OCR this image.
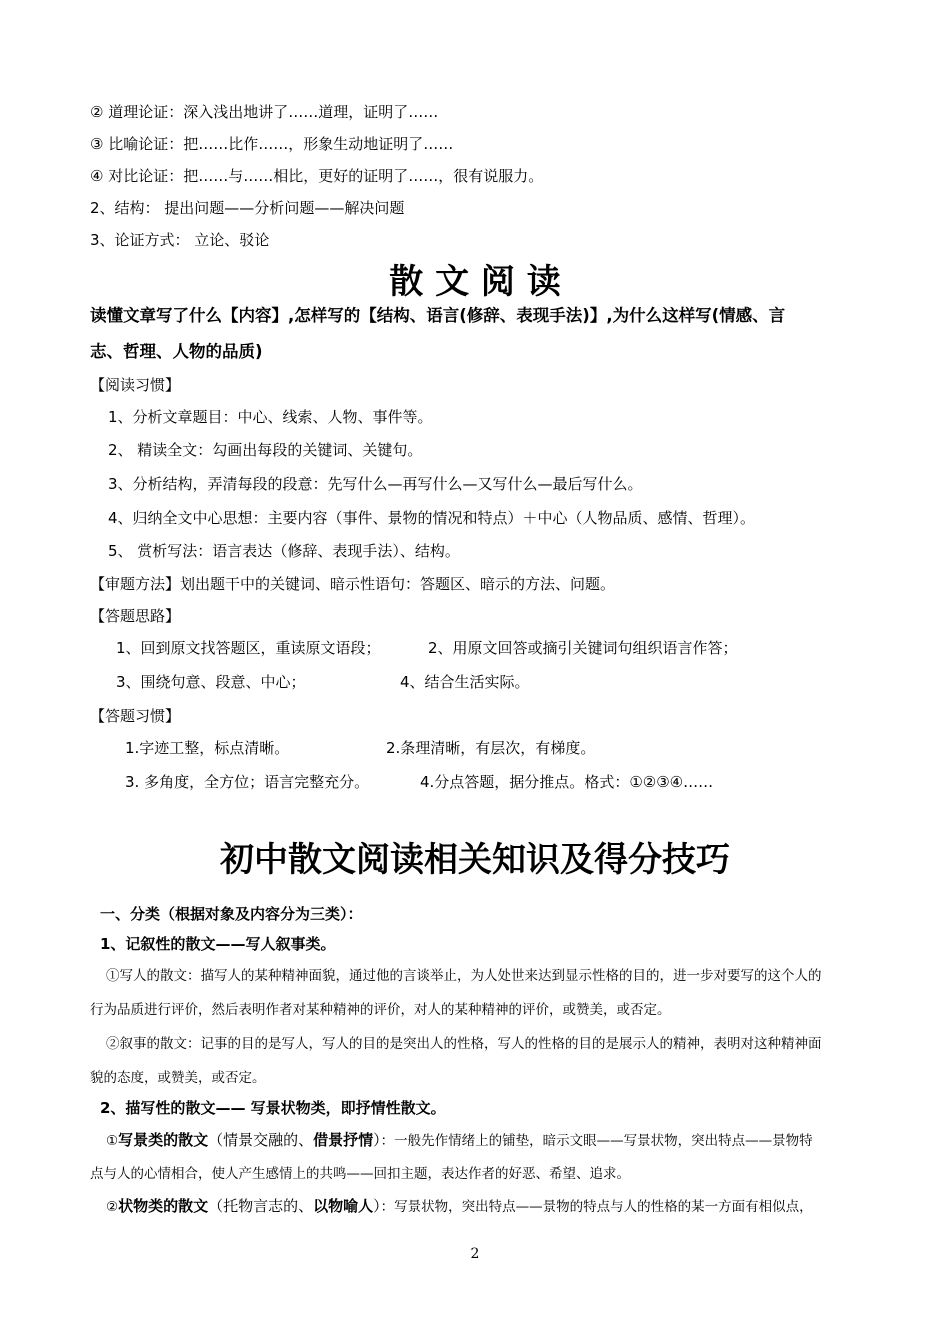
② 道理论证：深入浅出地讲了……道理，证明了……
③ 比喻论证：把……比作……，形象生动地证明了……
④ 对比论证：把……与……相比，更好的证明了……，很有说服力。
2、结构： 提出问题——分析问题——解决问题
3、论证方式： 立论、驳论
散 文 阅 读
读懂文章写了什么【内容】,怎样写的【结构、语言(修辞、表现手法)】,为什么这样写(情感、言
志、哲理、人物的品质)
【阅读习惯】
1、分析文章题目：中心、线索、人物、事件等。
2、 精读全文：勾画出每段的关键词、关键句。
3、分析结构，弄清每段的段意：先写什么—再写什么—又写什么—最后写什么。
4、归纳全文中心思想：主要内容（事件、景物的情况和特点）＋中心（人物品质、感情、哲理）。
5、 赏析写法：语言表达（修辞、表现手法）、结构。
【审题方法】划出题干中的关键词、暗示性语句：答题区、暗示的方法、问题。
【答题思路】
1、回到原文找答题区，重读原文语段；	2、用原文回答或摘引关键词句组织语言作答；
3、围绕句意、段意、中心；	4、结合生活实际。
【答题习惯】
1.字迹工整，标点清晰。	2.条理清晰，有层次，有梯度。
3. 多角度，全方位；语言完整充分。	4.分点答题，据分推点。格式：①②③④……
初中散文阅读相关知识及得分技巧
一、分类（根据对象及内容分为三类）：
1、记叙性的散文——写人叙事类。
①写人的散文：描写人的某种精神面貌，通过他的言谈举止，为人处世来达到显示性格的目的，进一步对要写的这个人的
行为品质进行评价，然后表明作者对某种精神的评价，对人的某种精神的评价，或赞美，或否定。
②叙事的散文：记事的目的是写人，写人的目的是突出人的性格，写人的性格的目的是展示人的精神，表明对这种精神面
貌的态度，或赞美，或否定。
2、描写性的散文—— 写景状物类，即抒情性散文。
①写景类的散文（情景交融的、借景抒情）：一般先作情绪上的铺垫，暗示文眼——写景状物，突出特点——景物特
点与人的心情相合，使人产生感情上的共鸣——回扣主题，表达作者的好恶、希望、追求。
②状物类的散文（托物言志的、以物喻人）：写景状物，突出特点——景物的特点与人的性格的某一方面有相似点，
2
